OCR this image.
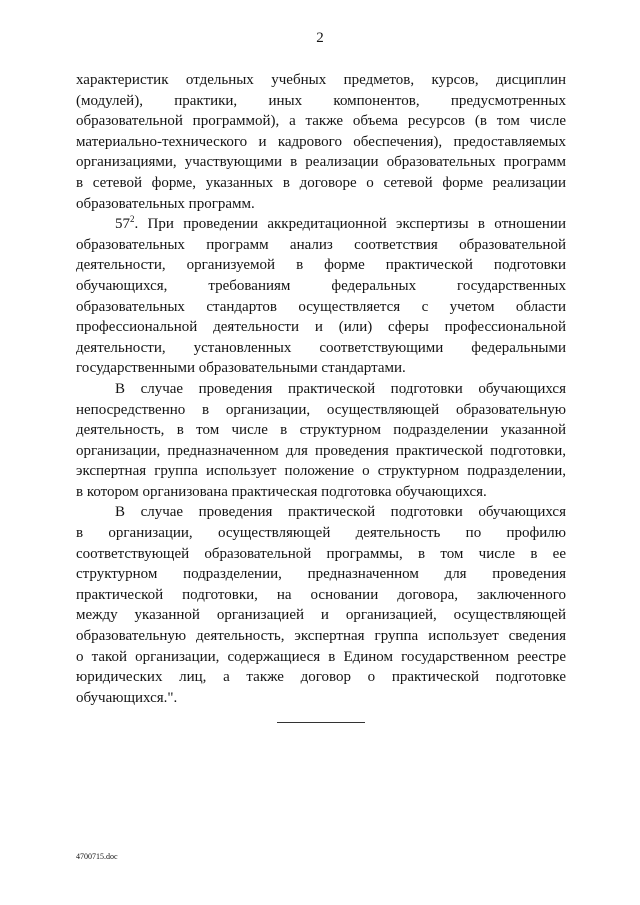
2
характеристик отдельных учебных предметов, курсов, дисциплин
(модулей), практики, иных компонентов, предусмотренных
образовательной программой), а также объема ресурсов (в том числе
материально-технического и кадрового обеспечения), предоставляемых
организациями, участвующими в реализации образовательных программ
в сетевой форме, указанных в договоре о сетевой форме реализации
образовательных программ.
$57^2$. При проведении аккредитационной экспертизы в отношении
образовательных программ анализ соответствия образовательной
деятельности, организуемой в форме практической подготовки
обучающихся, требованиям федеральных государственных
образовательных стандартов осуществляется с учетом области
профессиональной деятельности и (или) сферы профессиональной
деятельности, установленных соответствующими федеральными
государственными образовательными стандартами.
В случае проведения практической подготовки обучающихся
непосредственно в организации, осуществляющей образовательную
деятельность, в том числе в структурном подразделении указанной
организации, предназначенном для проведения практической подготовки,
экспертная группа использует положение о структурном подразделении,
в котором организована практическая подготовка обучающихся.
В случае проведения практической подготовки обучающихся
в организации, осуществляющей деятельность по профилю
соответствующей образовательной программы, в том числе в ее
структурном подразделении, предназначенном для проведения
практической подготовки, на основании договора, заключенного
между указанной организацией и организацией, осуществляющей
образовательную деятельность, экспертная группа использует сведения
о такой организации, содержащиеся в Едином государственном реестре
юридических лиц, а также договор о практической подготовке
обучающихся.".
4700715.doc
